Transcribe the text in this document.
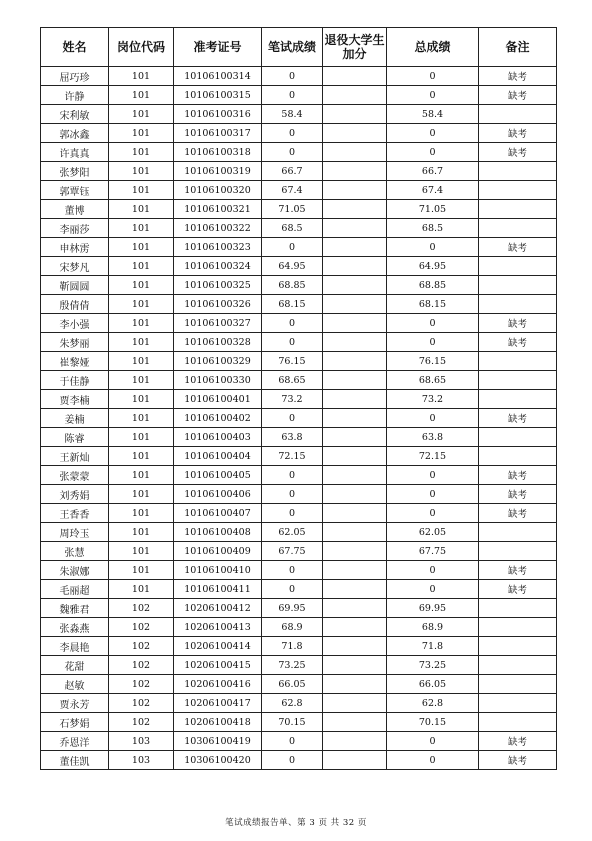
姓名	岗位代码	准考证号	笔试成绩	退役大学生加分	总成绩	备注
屈巧珍	101	10106100314	0		0	缺考
许静	101	10106100315	0		0	缺考
宋利敏	101	10106100316	58.4		58.4	
郭冰鑫	101	10106100317	0		0	缺考
许真真	101	10106100318	0		0	缺考
张梦阳	101	10106100319	66.7		66.7	
郭覃钰	101	10106100320	67.4		67.4	
董博	101	10106100321	71.05		71.05	
李丽莎	101	10106100322	68.5		68.5	
申林雳	101	10106100323	0		0	缺考
宋梦凡	101	10106100324	64.95		64.95	
靳圆圆	101	10106100325	68.85		68.85	
殷倩倩	101	10106100326	68.15		68.15	
李小强	101	10106100327	0		0	缺考
朱梦丽	101	10106100328	0		0	缺考
崔黎娅	101	10106100329	76.15		76.15	
于佳静	101	10106100330	68.65		68.65	
贾李楠	101	10106100401	73.2		73.2	
姜楠	101	10106100402	0		0	缺考
陈睿	101	10106100403	63.8		63.8	
王新灿	101	10106100404	72.15		72.15	
张蒙蒙	101	10106100405	0		0	缺考
刘秀娟	101	10106100406	0		0	缺考
王香香	101	10106100407	0		0	缺考
周玲玉	101	10106100408	62.05		62.05	
张慧	101	10106100409	67.75		67.75	
朱淑娜	101	10106100410	0		0	缺考
毛丽超	101	10106100411	0		0	缺考
魏雅君	102	10206100412	69.95		69.95	
张淼燕	102	10206100413	68.9		68.9	
李晨艳	102	10206100414	71.8		71.8	
花甜	102	10206100415	73.25		73.25	
赵敏	102	10206100416	66.05		66.05	
贾永芳	102	10206100417	62.8		62.8	
石梦娟	102	10206100418	70.15		70.15	
乔恩洋	103	10306100419	0		0	缺考
董佳凯	103	10306100420	0		0	缺考
笔试成绩报告单、第 3 页 共 32 页
